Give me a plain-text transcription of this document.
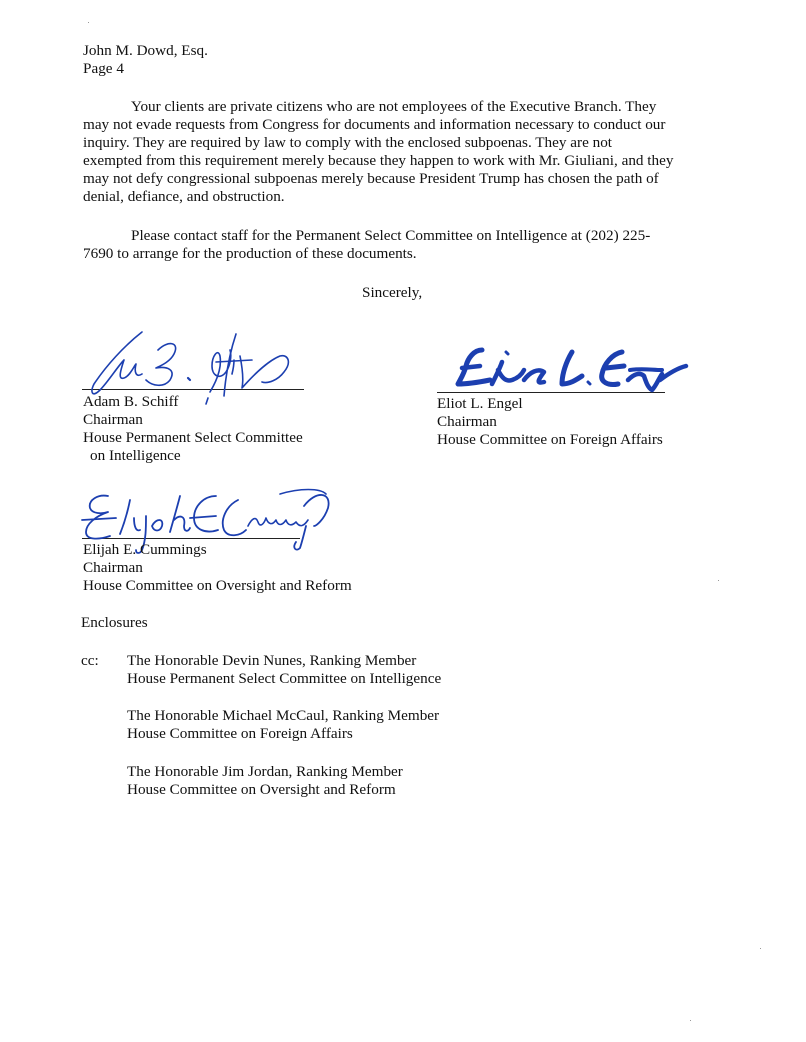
John M. Dowd, Esq.
Page 4
Your clients are private citizens who are not employees of the Executive Branch. They
may not evade requests from Congress for documents and information necessary to conduct our
inquiry. They are required by law to comply with the enclosed subpoenas. They are not
exempted from this requirement merely because they happen to work with Mr. Giuliani, and they
may not defy congressional subpoenas merely because President Trump has chosen the path of
denial, defiance, and obstruction.
Please contact staff for the Permanent Select Committee on Intelligence at (202) 225-
7690 to arrange for the production of these documents.
Sincerely,
Adam B. Schiff
Chairman
House Permanent Select Committee
on Intelligence
Eliot L. Engel
Chairman
House Committee on Foreign Affairs
Elijah E. Cummings
Chairman
House Committee on Oversight and Reform
Enclosures
cc: The Honorable Devin Nunes, Ranking Member
House Permanent Select Committee on Intelligence
The Honorable Michael McCaul, Ranking Member
House Committee on Foreign Affairs
The Honorable Jim Jordan, Ranking Member
House Committee on Oversight and Reform
